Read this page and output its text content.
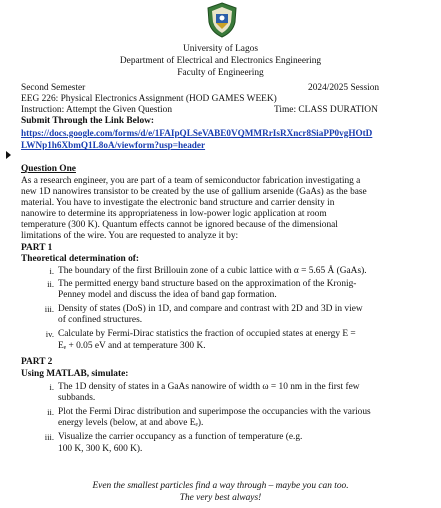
University of Lagos
Department of Electrical and Electronics Engineering
Faculty of Engineering
Second Semester	2024/2025 Session
EEG 226: Physical Electronics Assignment (HOD GAMES WEEK)
Instruction: Attempt the Given Question	Time: CLASS DURATION
Submit Through the Link Below:
https://docs.google.com/forms/d/e/1FAIpQLSeVABE0VQMMRrIsRXncr8SiaPP0vgHOtD
LWNp1h6XbmQ1L8oA/viewform?usp=header
Question One
As a research engineer, you are part of a team of semiconductor fabrication investigating a
new 1D nanowires transistor to be created by the use of gallium arsenide (GaAs) as the base
material. You have to investigate the electronic band structure and carrier density in
nanowire to determine its appropriateness in low-power logic application at room
temperature (300 K). Quantum effects cannot be ignored because of the dimensional
limitations of the wire. You are requested to analyze it by:
PART 1
Theoretical determination of:
i. The boundary of the first Brillouin zone of a cubic lattice with α = 5.65 Å (GaAs).
ii. The permitted energy band structure based on the approximation of the Kronig-
Penney model and discuss the idea of band gap formation.
iii. Density of states (DoS) in 1D, and compare and contrast with 2D and 3D in view
of confined structures.
iv. Calculate by Fermi-Dirac statistics the fraction of occupied states at energy E =
Eₑ + 0.05 eV and at temperature 300 K.
PART 2
Using MATLAB, simulate:
i. The 1D density of states in a GaAs nanowire of width ω = 10 nm in the first few
subbands.
ii. Plot the Fermi Dirac distribution and superimpose the occupancies with the various
energy levels (below, at and above Eₑ).
iii. Visualize the carrier occupancy as a function of temperature (e.g.
100 K, 300 K, 600 K).
Even the smallest particles find a way through – maybe you can too.
The very best always!
